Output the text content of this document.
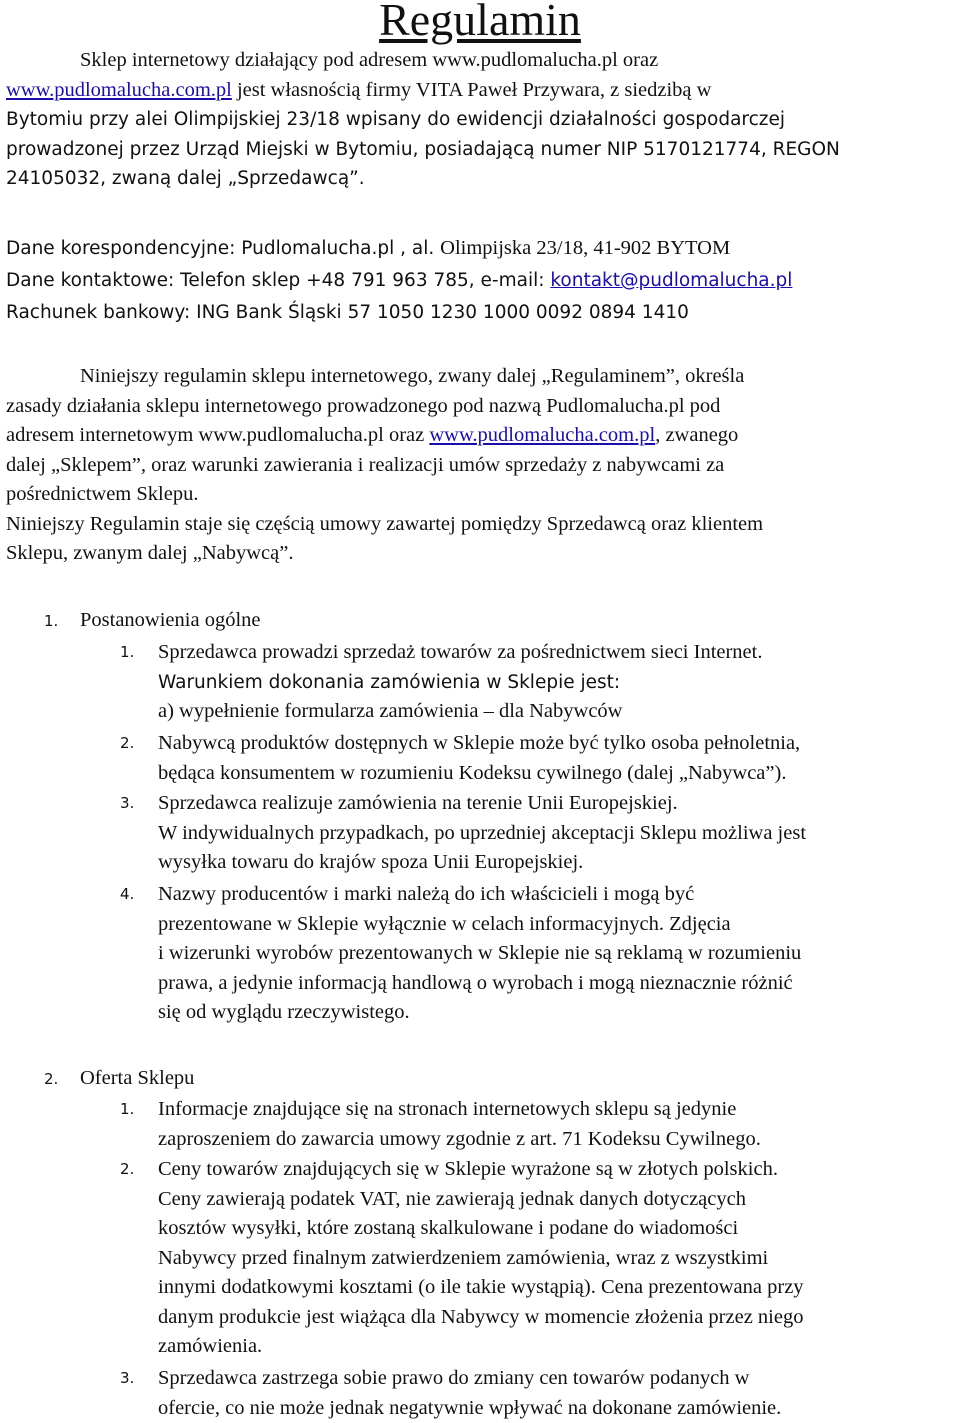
Regulamin
Sklep internetowy działający pod adresem www.pudlomalucha.pl oraz
www.pudlomalucha.com.pl jest własnością firmy VITA Paweł Przywara, z siedzibą w
Bytomiu przy alei Olimpijskiej 23/18 wpisany do ewidencji działalności gospodarczej
prowadzonej przez Urząd Miejski w Bytomiu, posiadającą numer NIP 5170121774, REGON
24105032, zwaną dalej „Sprzedawcą”.
Dane korespondencyjne: Pudlomalucha.pl , al. Olimpijska 23/18, 41-902 BYTOM
Dane kontaktowe: Telefon sklep +48 791 963 785, e-mail: kontakt@pudlomalucha.pl
Rachunek bankowy: ING Bank Śląski 57 1050 1230 1000 0092 0894 1410
Niniejszy regulamin sklepu internetowego, zwany dalej „Regulaminem”, określa
zasady działania sklepu internetowego prowadzonego pod nazwą Pudlomalucha.pl pod
adresem internetowym www.pudlomalucha.pl oraz www.pudlomalucha.com.pl, zwanego
dalej „Sklepem”, oraz warunki zawierania i realizacji umów sprzedaży z nabywcami za
pośrednictwem Sklepu.
Niniejszy Regulamin staje się częścią umowy zawartej pomiędzy Sprzedawcą oraz klientem
Sklepu, zwanym dalej „Nabywcą”.
1. Postanowienia ogólne
1. Sprzedawca prowadzi sprzedaż towarów za pośrednictwem sieci Internet.
Warunkiem dokonania zamówienia w Sklepie jest:
a) wypełnienie formularza zamówienia – dla Nabywców
2. Nabywcą produktów dostępnych w Sklepie może być tylko osoba pełnoletnia,
będąca konsumentem w rozumieniu Kodeksu cywilnego (dalej „Nabywca”).
3. Sprzedawca realizuje zamówienia na terenie Unii Europejskiej.
W indywidualnych przypadkach, po uprzedniej akceptacji Sklepu możliwa jest
wysyłka towaru do krajów spoza Unii Europejskiej.
4. Nazwy producentów i marki należą do ich właścicieli i mogą być
prezentowane w Sklepie wyłącznie w celach informacyjnych. Zdjęcia
i wizerunki wyrobów prezentowanych w Sklepie nie są reklamą w rozumieniu
prawa, a jedynie informacją handlową o wyrobach i mogą nieznacznie różnić
się od wyglądu rzeczywistego.
2. Oferta Sklepu
1. Informacje znajdujące się na stronach internetowych sklepu są jedynie
zaproszeniem do zawarcia umowy zgodnie z art. 71 Kodeksu Cywilnego.
2. Ceny towarów znajdujących się w Sklepie wyrażone są w złotych polskich.
Ceny zawierają podatek VAT, nie zawierają jednak danych dotyczących
kosztów wysyłki, które zostaną skalkulowane i podane do wiadomości
Nabywcy przed finalnym zatwierdzeniem zamówienia, wraz z wszystkimi
innymi dodatkowymi kosztami (o ile takie wystąpią). Cena prezentowana przy
danym produkcie jest wiążąca dla Nabywcy w momencie złożenia przez niego
zamówienia.
3. Sprzedawca zastrzega sobie prawo do zmiany cen towarów podanych w
ofercie, co nie może jednak negatywnie wpływać na dokonane zamówienie.
